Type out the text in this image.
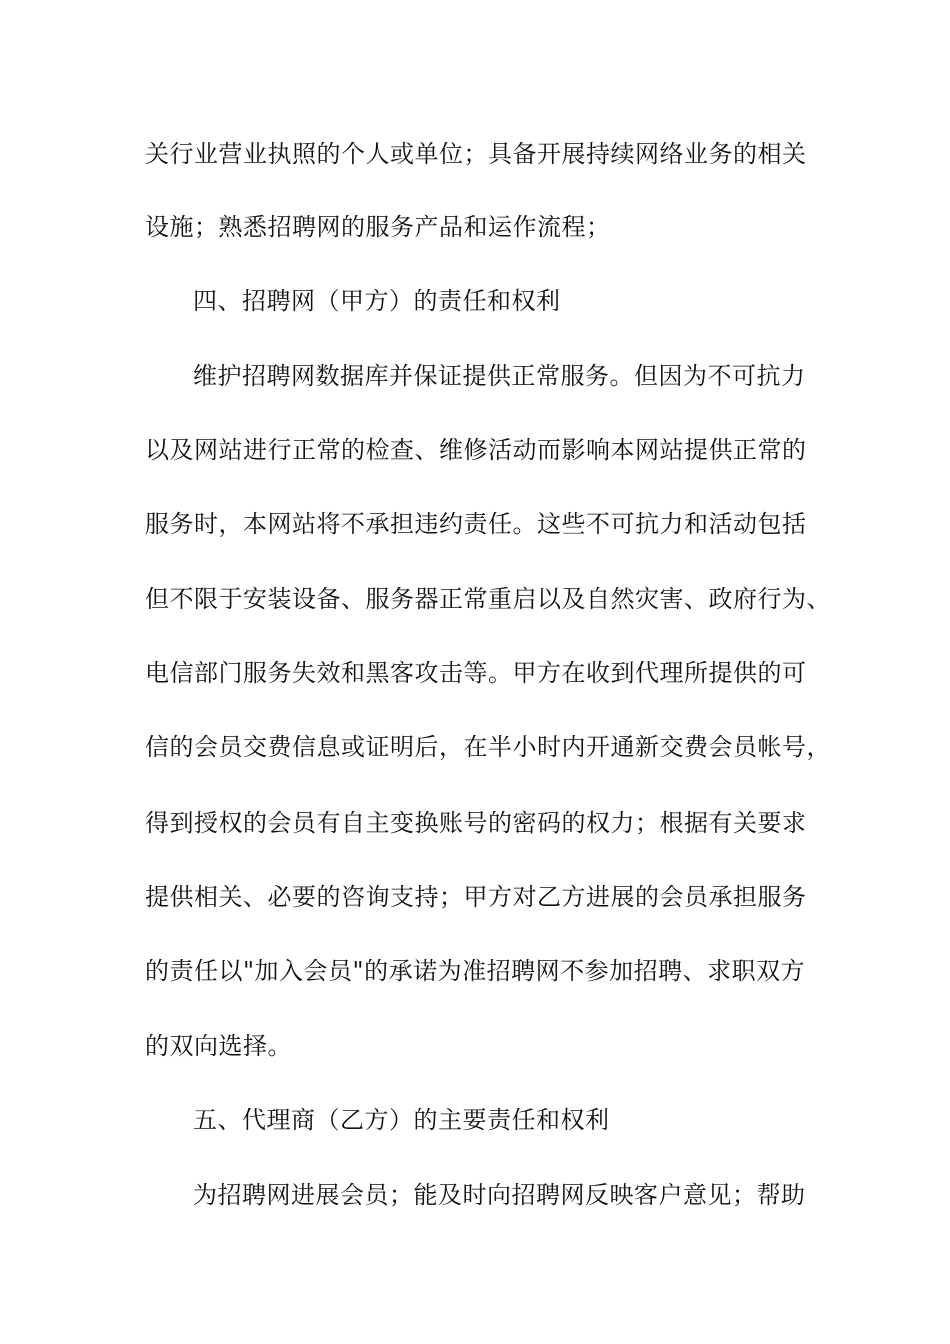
关行业营业执照的个人或单位；具备开展持续网络业务的相关
设施；熟悉招聘网的服务产品和运作流程；
四、招聘网（甲方）的责任和权利
维护招聘网数据库并保证提供正常服务。但因为不可抗力
以及网站进行正常的检查、维修活动而影响本网站提供正常的
服务时，本网站将不承担违约责任。这些不可抗力和活动包括
但不限于安装设备、服务器正常重启以及自然灾害、政府行为、
电信部门服务失效和黑客攻击等。甲方在收到代理所提供的可
信的会员交费信息或证明后，在半小时内开通新交费会员帐号，
得到授权的会员有自主变换账号的密码的权力；根据有关要求
提供相关、必要的咨询支持；甲方对乙方进展的会员承担服务
的责任以"加入会员"的承诺为准招聘网不参加招聘、求职双方
的双向选择。
五、代理商（乙方）的主要责任和权利
为招聘网进展会员；能及时向招聘网反映客户意见；帮助
